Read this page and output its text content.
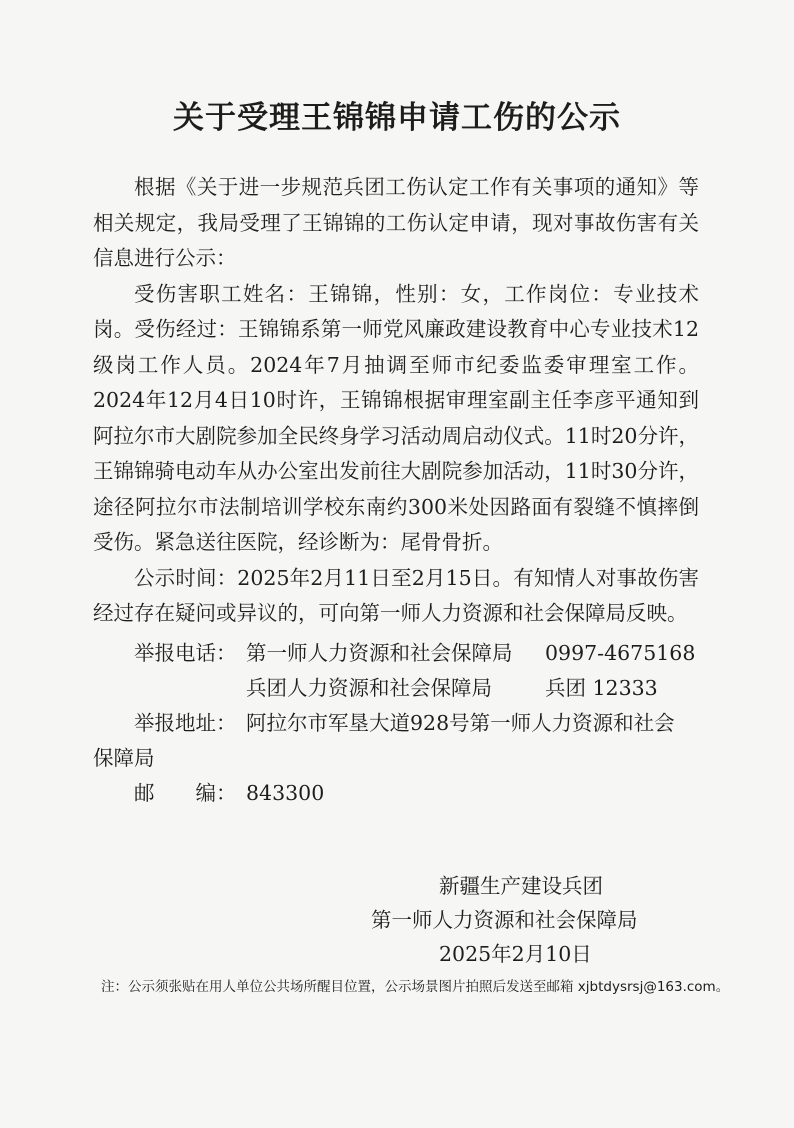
关于受理王锦锦申请工伤的公示

根据《关于进一步规范兵团工伤认定工作有关事项的通知》等相关规定，我局受理了王锦锦的工伤认定申请，现对事故伤害有关信息进行公示：

受伤害职工姓名：王锦锦，性别：女，工作岗位：专业技术岗。受伤经过：王锦锦系第一师党风廉政建设教育中心专业技术12级岗工作人员。2024年7月抽调至师市纪委监委审理室工作。2024年12月4日10时许，王锦锦根据审理室副主任李彦平通知到阿拉尔市大剧院参加全民终身学习活动周启动仪式。11时20分许，王锦锦骑电动车从办公室出发前往大剧院参加活动，11时30分许，途径阿拉尔市法制培训学校东南约300米处因路面有裂缝不慎摔倒受伤。紧急送往医院，经诊断为：尾骨骨折。

公示时间：2025年2月11日至2月15日。有知情人对事故伤害经过存在疑问或异议的，可向第一师人力资源和社会保障局反映。

举报电话： 第一师人力资源和社会保障局 0997-4675168
兵团人力资源和社会保障局	兵团 12333
举报地址： 阿拉尔市军垦大道928号第一师人力资源和社会
保障局
邮　　编： 843300
新疆生产建设兵团
第一师人力资源和社会保障局
2025年2月10日
注：公示须张贴在用人单位公共场所醒目位置，公示场景图片拍照后发送至邮箱 xjbtdysrsj@163.com。
